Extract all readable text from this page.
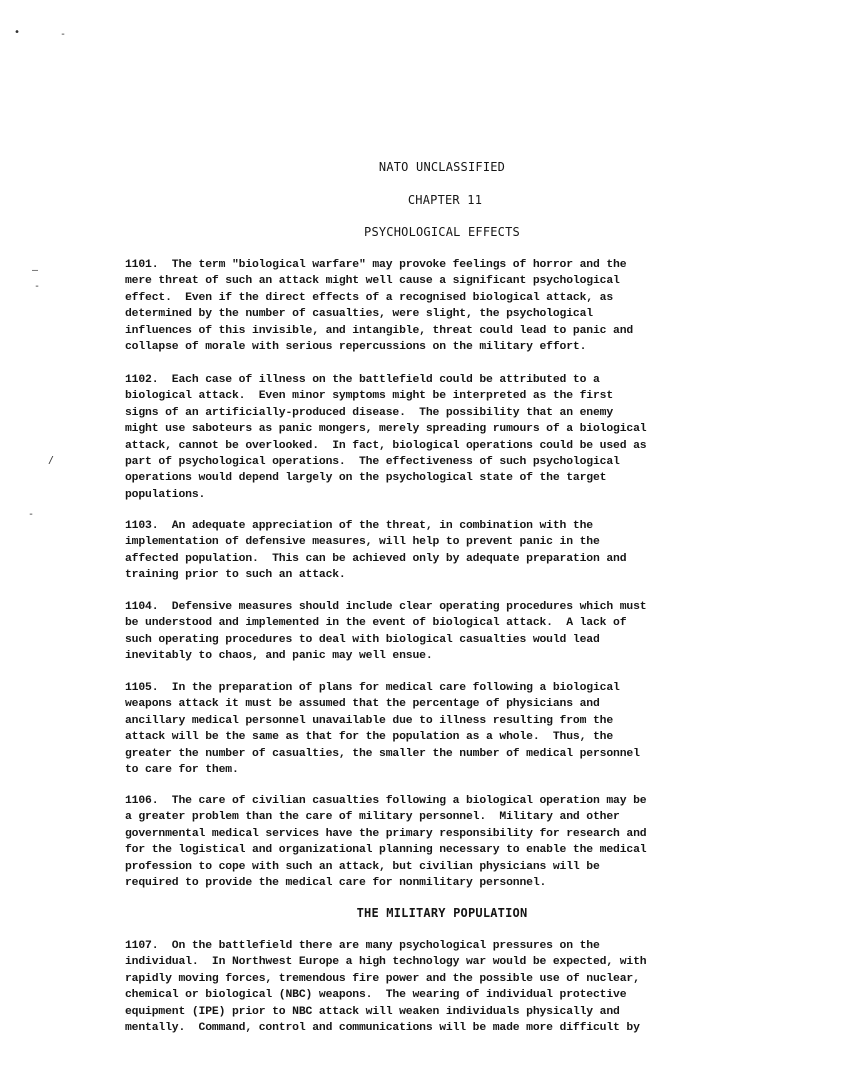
NATO UNCLASSIFIED
CHAPTER 11
PSYCHOLOGICAL EFFECTS
1101.  The term "biological warfare" may provoke feelings of horror and the
mere threat of such an attack might well cause a significant psychological
effect.  Even if the direct effects of a recognised biological attack, as
determined by the number of casualties, were slight, the psychological
influences of this invisible, and intangible, threat could lead to panic and
collapse of morale with serious repercussions on the military effort.
1102.  Each case of illness on the battlefield could be attributed to a
biological attack.  Even minor symptoms might be interpreted as the first
signs of an artificially-produced disease.  The possibility that an enemy
might use saboteurs as panic mongers, merely spreading rumours of a biological
attack, cannot be overlooked.  In fact, biological operations could be used as
part of psychological operations.  The effectiveness of such psychological
operations would depend largely on the psychological state of the target
populations.
1103.  An adequate appreciation of the threat, in combination with the
implementation of defensive measures, will help to prevent panic in the
affected population.  This can be achieved only by adequate preparation and
training prior to such an attack.
1104.  Defensive measures should include clear operating procedures which must
be understood and implemented in the event of biological attack.  A lack of
such operating procedures to deal with biological casualties would lead
inevitably to chaos, and panic may well ensue.
1105.  In the preparation of plans for medical care following a biological
weapons attack it must be assumed that the percentage of physicians and
ancillary medical personnel unavailable due to illness resulting from the
attack will be the same as that for the population as a whole.  Thus, the
greater the number of casualties, the smaller the number of medical personnel
to care for them.
1106.  The care of civilian casualties following a biological operation may be
a greater problem than the care of military personnel.  Military and other
governmental medical services have the primary responsibility for research and
for the logistical and organizational planning necessary to enable the medical
profession to cope with such an attack, but civilian physicians will be
required to provide the medical care for nonmilitary personnel.
THE MILITARY POPULATION
1107.  On the battlefield there are many psychological pressures on the
individual.  In Northwest Europe a high technology war would be expected, with
rapidly moving forces, tremendous fire power and the possible use of nuclear,
chemical or biological (NBC) weapons.  The wearing of individual protective
equipment (IPE) prior to NBC attack will weaken individuals physically and
mentally.  Command, control and communications will be made more difficult by
•	-
–
-
/
-
